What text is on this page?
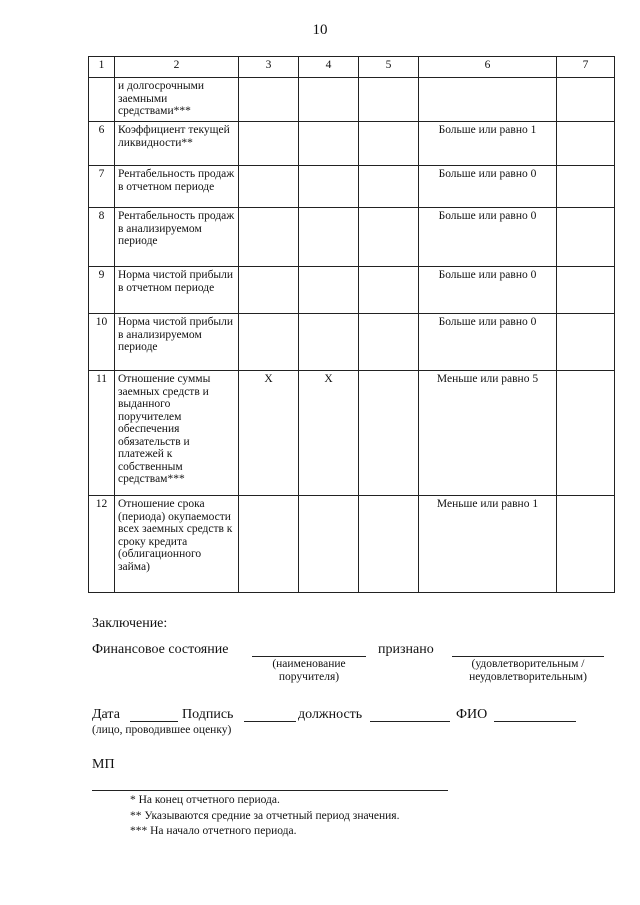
10
1	2	3	4	5	6	7
	и долгосрочными заемными средствами***					
6	Коэффициент текущей ликвидности**				Больше или равно 1	
7	Рентабельность продаж в отчетном периоде				Больше или равно 0	
8	Рентабельность продаж в анализируемом периоде				Больше или равно 0	
9	Норма чистой прибыли в отчетном периоде				Больше или равно 0	
10	Норма чистой прибыли в анализируемом периоде				Больше или равно 0	
11	Отношение суммы заемных средств и выданного поручителем обеспечения обязательств и платежей к собственным средствам***	X	X		Меньше или равно 5	
12	Отношение срока (периода) окупаемости всех заемных средств к сроку кредита (облигационного займа)				Меньше или равно 1	
Заключение:
Финансовое состояние	признано
(наименование поручителя)
(удовлетворительным / неудовлетворительным)
Дата	Подпись	должность	ФИО
(лицо, проводившее оценку)
МП
* На конец отчетного периода.
** Указываются средние за отчетный период значения.
*** На начало отчетного периода.
